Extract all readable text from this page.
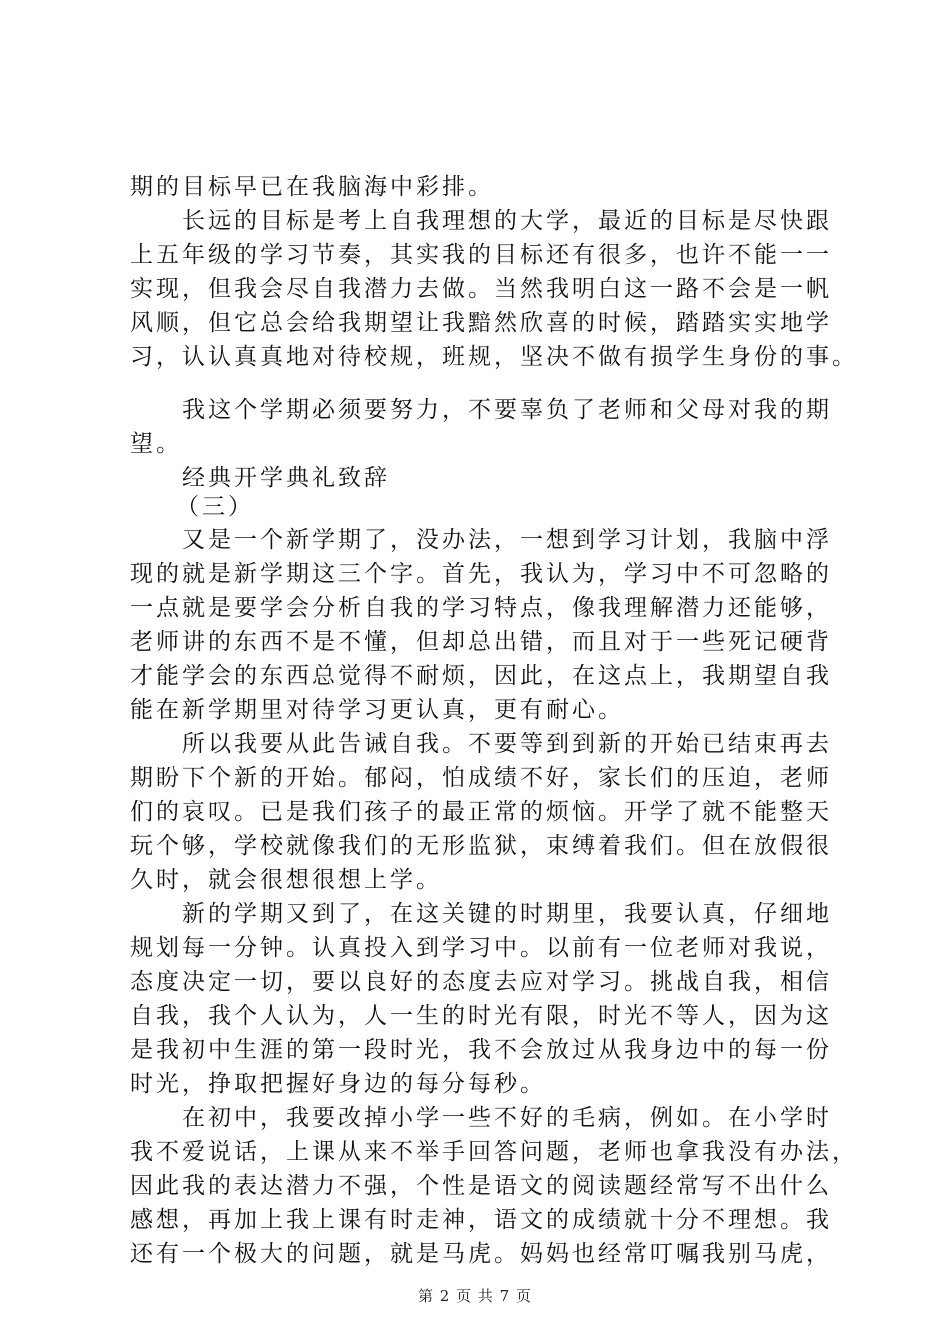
期的目标早已在我脑海中彩排。
长远的目标是考上自我理想的大学，最近的目标是尽快跟
上五年级的学习节奏，其实我的目标还有很多，也许不能一一
实现，但我会尽自我潜力去做。当然我明白这一路不会是一帆
风顺，但它总会给我期望让我黯然欣喜的时候，踏踏实实地学
习，认认真真地对待校规，班规，坚决不做有损学生身份的事。
我这个学期必须要努力，不要辜负了老师和父母对我的期
望。
经典开学典礼致辞
（三）
又是一个新学期了，没办法，一想到学习计划，我脑中浮
现的就是新学期这三个字。首先，我认为，学习中不可忽略的
一点就是要学会分析自我的学习特点，像我理解潜力还能够，
老师讲的东西不是不懂，但却总出错，而且对于一些死记硬背
才能学会的东西总觉得不耐烦，因此，在这点上，我期望自我
能在新学期里对待学习更认真，更有耐心。
所以我要从此告诫自我。不要等到到新的开始已结束再去
期盼下个新的开始。郁闷，怕成绩不好，家长们的压迫，老师
们的哀叹。已是我们孩子的最正常的烦恼。开学了就不能整天
玩个够，学校就像我们的无形监狱，束缚着我们。但在放假很
久时，就会很想很想上学。
新的学期又到了，在这关键的时期里，我要认真，仔细地
规划每一分钟。认真投入到学习中。以前有一位老师对我说，
态度决定一切，要以良好的态度去应对学习。挑战自我，相信
自我，我个人认为，人一生的时光有限，时光不等人，因为这
是我初中生涯的第一段时光，我不会放过从我身边中的每一份
时光，挣取把握好身边的每分每秒。
在初中，我要改掉小学一些不好的毛病，例如。在小学时
我不爱说话，上课从来不举手回答问题，老师也拿我没有办法，
因此我的表达潜力不强，个性是语文的阅读题经常写不出什么
感想，再加上我上课有时走神，语文的成绩就十分不理想。我
还有一个极大的问题，就是马虎。妈妈也经常叮嘱我别马虎，
第 2 页 共 7 页
